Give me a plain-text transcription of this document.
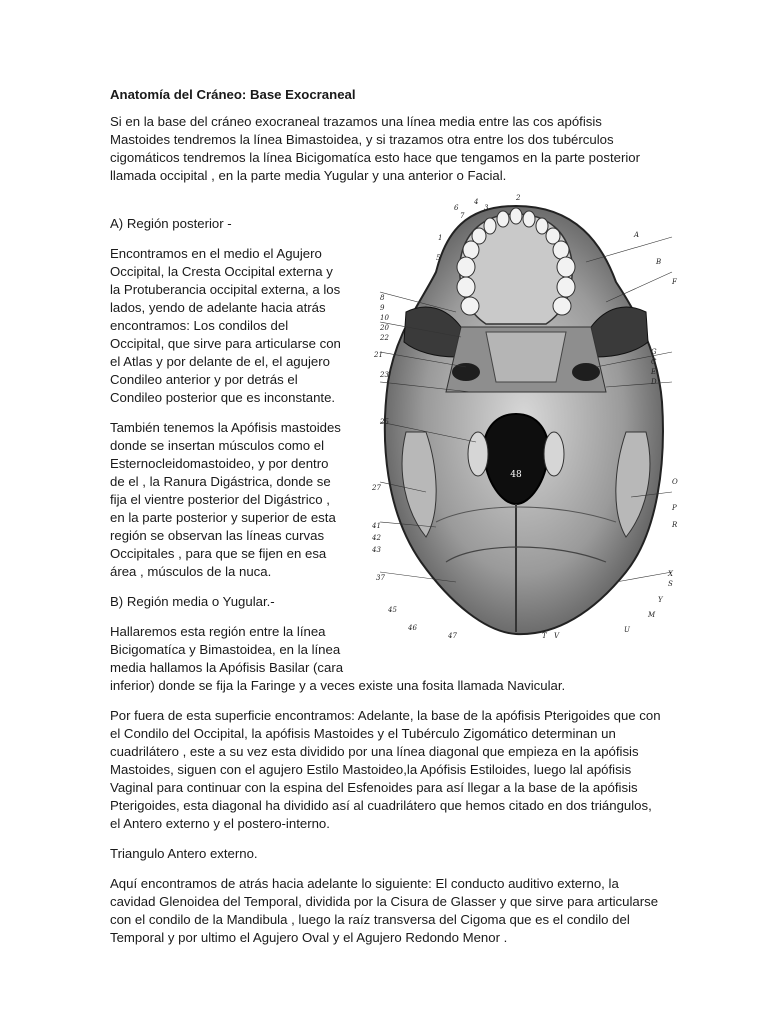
Anatomía del Cráneo: Base Exocraneal

Si en la base del cráneo exocraneal trazamos una línea media entre las cos apófisis Mastoides tendremos la línea Bimastoidea, y si trazamos otra entre los dos tubérculos cigomáticos tendremos la línea Bicigomatíca esto hace que tengamos en la parte posterior llamada occipital , en la parte media Yugular y una anterior o Facial.

A) Región posterior -

Encontramos en el medio el Agujero Occipital, la Cresta Occipital externa y la Protuberancia occipital externa, a los lados, yendo de adelante hacia atrás encontramos: Los condilos del Occipital, que sirve para articularse con el Atlas y por delante de el, el agujero Condileo anterior y por detrás el Condileo posterior que es inconstante.

También tenemos la Apófisis mastoides donde se insertan músculos como el Esternocleidomastoideo, y por dentro de el , la Ranura Digástrica, donde se fija el vientre posterior del Digástrico , en la parte posterior y superior de esta región se observan las líneas curvas Occipitales , para que se fijen en esa área , músculos de la nuca.

B) Región media o Yugular.-

Hallaremos esta región entre la línea
Bicigomatíca y Bimastoidea, en la línea
media hallamos la Apófisis Basilar (cara
inferior) donde se fija la Faringe y a veces existe una fosita llamada Navicular.

Por fuera de esta superficie encontramos: Adelante, la base de la apófisis Pterigoides que con el Condilo del Occipital, la apófisis Mastoides y el Tubérculo Zigomático determinan un cuadrilátero , este a su vez esta dividido por una línea diagonal que empieza en la apófisis Mastoides, siguen con el agujero Estilo Mastoideo,la Apófisis Estiloides, luego lal apófisis Vaginal para continuar con la espina del Esfenoides para así llegar a la base de la apófisis Pterigoides, esta diagonal ha dividido así al cuadrilátero que hemos citado en dos triángulos, el Antero externo y el postero-interno.

Triangulo Antero externo.

Aquí encontramos de atrás hacia adelante lo siguiente: El conducto auditivo externo, la cavidad Glenoidea del Temporal, dividida por la Cisura de Glasser y que sirve para articularse con el condilo de la Mandibula , luego la raíz transversa del Cigoma que es el condilo del Temporal y por ultimo el Agujero Oval y el Agujero Redondo Menor .

48
A
B
F
G
C
E
D
O
P
R
X
S
Y
M
U
V
T
6
7
4
3
2
1
5
8
9
10
20
22
21
23
25
27
41
42
43
37
45
46
47
